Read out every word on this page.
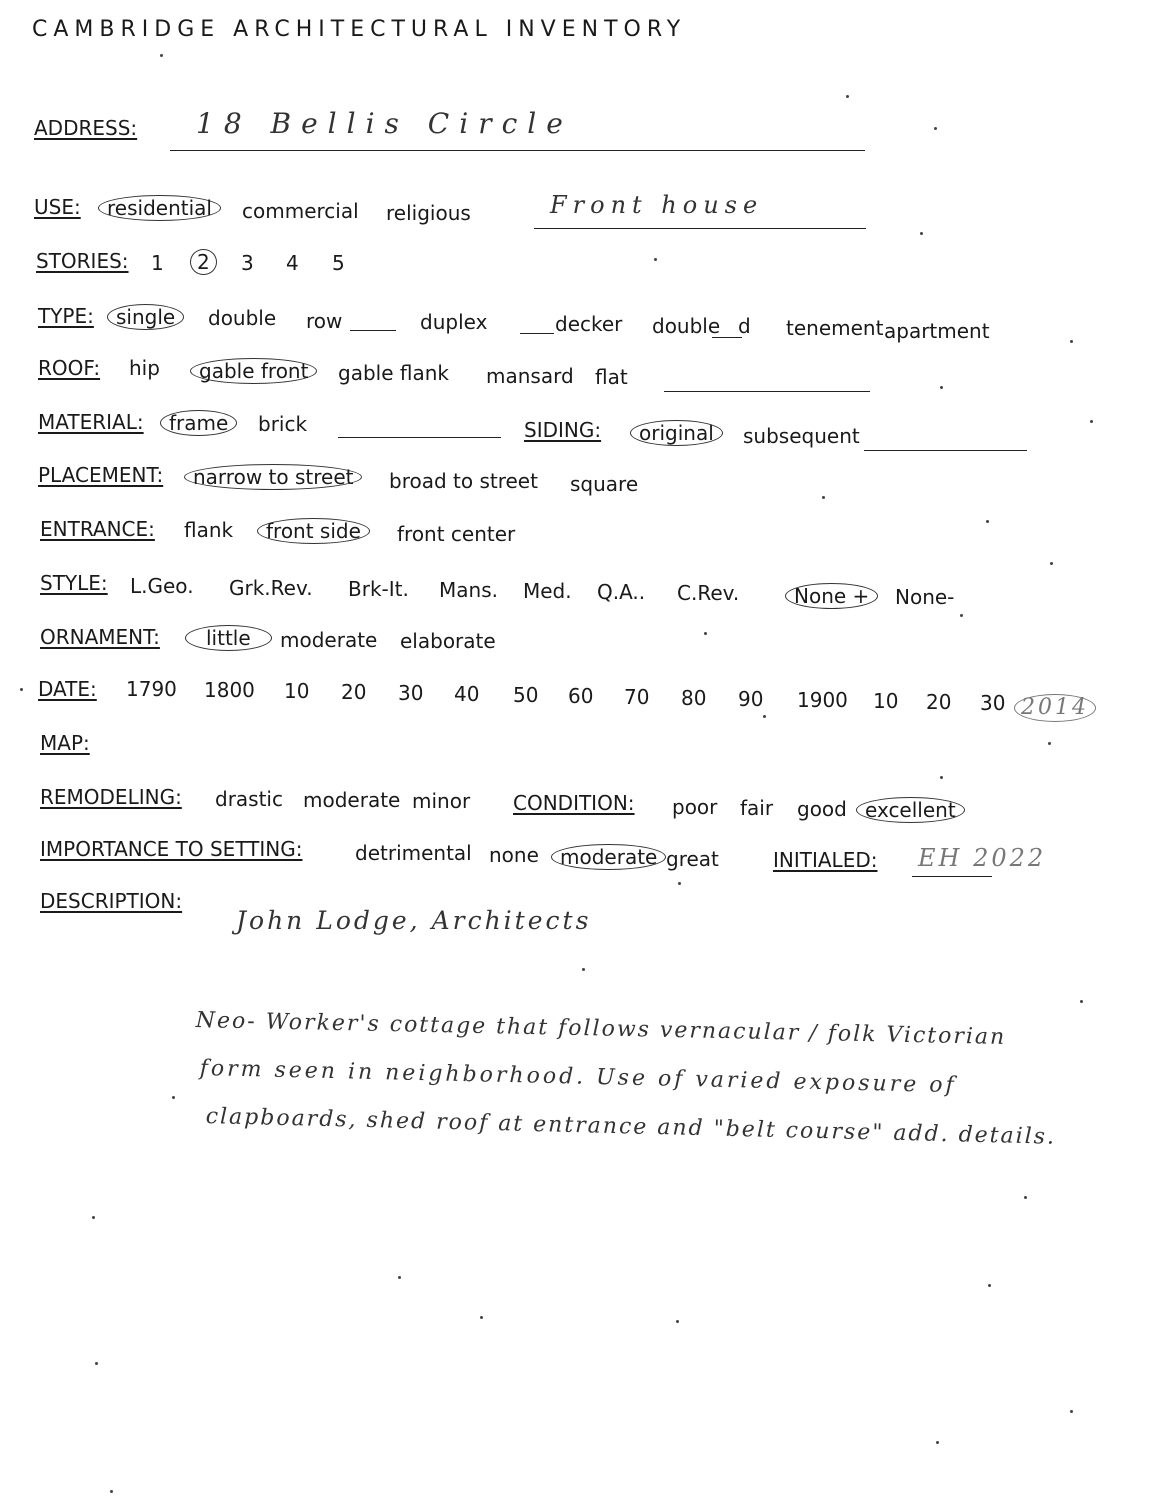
CAMBRIDGE ARCHITECTURAL INVENTORY
ADDRESS: 18 Bellis Circle
USE:	residential	commercial religious	Front house
STORIES: 1	2	3 4 5
TYPE:	single	double row	duplex	decker double d tenement apartment
ROOF: hip	gable front	gable flank mansard flat
MATERIAL:	frame	brick	SIDING:	original	subsequent
PLACEMENT:	narrow to street	broad to street square
ENTRANCE: flank	front side	front center
STYLE: L.Geo. Grk.Rev. Brk-It. Mans. Med. Q.A.. C.Rev.	None +	None-
ORNAMENT:	little	moderate elaborate
DATE: 1790 1800 10 20 30 40 50 60 70 80 90 1900 10 20 30 2014
MAP:
REMODELING: drastic moderate minor CONDITION: poor fair good excellent
IMPORTANCE TO SETTING:	detrimental none	moderate great	INITIALED: EH 2022
DESCRIPTION:
John Lodge, Architects
Neo- Worker's cottage that follows vernacular / folk Victorian
form seen in neighborhood. Use of varied exposure of
clapboards, shed roof at entrance and "belt course" add. details.
